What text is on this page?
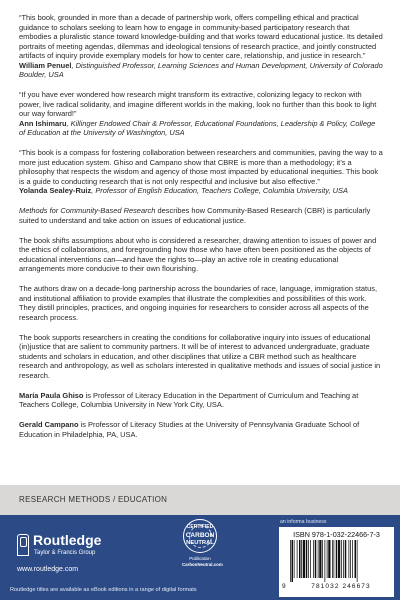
“This book, grounded in more than a decade of partnership work, offers compelling ethical and practical guidance to scholars seeking to learn how to engage in community-based participatory research that embodies a pluralistic stance toward knowledge-building and that works toward educational justice. Its detailed portraits of meeting agendas, dilemmas and ideological tensions of research practice, and jointly constructed artifacts of inquiry provide exemplary models for how to center care, relationship, and justice in research.”
William Penuel, Distinguished Professor, Learning Sciences and Human Development, University of Colorado Boulder, USA

“If you have ever wondered how research might transform its extractive, colonizing legacy to reckon with power, live radical solidarity, and imagine different worlds in the making, look no further than this book to light our way forward!”
Ann Ishimaru, Killinger Endowed Chair & Professor, Educational Foundations, Leadership & Policy, College of Education at the University of Washington, USA

“This book is a compass for fostering collaboration between researchers and communities, paving the way to a more just education system. Ghiso and Campano show that CBRE is more than a methodology; it’s a philosophy that respects the wisdom and agency of those most impacted by educational inequities. This book is a guide to conducting research that is not only respectful and inclusive but also effective.”
Yolanda Sealey-Ruiz, Professor of English Education, Teachers College, Columbia University, USA

Methods for Community-Based Research describes how Community-Based Research (CBR) is particularly suited to understand and take action on issues of educational justice.

The book shifts assumptions about who is considered a researcher, drawing attention to issues of power and the ethics of collaborations, and foregrounding how those who have often been positioned as the objects of educational interventions can—and have the rights to—play an active role in creating educational arrangements more conducive to their own flourishing.

The authors draw on a decade-long partnership across the boundaries of race, language, immigration status, and institutional affiliation to provide examples that illustrate the complexities and possibilities of this work. They distill principles, practices, and ongoing inquiries for researchers to consider across all aspects of the research process.

The book supports researchers in creating the conditions for collaborative inquiry into issues of educational (in)justice that are salient to community partners. It will be of interest to advanced undergraduate, graduate students and scholars in education, and other disciplines that utilize a CBR method such as healthcare research and anthropology, as well as scholars interested in qualitative methods and issues of social justice in research.

María Paula Ghiso is Professor of Literacy Education in the Department of Curriculum and Teaching at Teachers College, Columbia University in New York City, USA.

Gerald Campano is Professor of Literacy Studies at the University of Pennsylvania Graduate School of Education in Philadelphia, PA, USA.

RESEARCH METHODS / EDUCATION
Routledge
Taylor & Francis Group
www.routledge.com
Routledge titles are available as eBook editions in a range of digital formats
CERTIFIED
CARBON
NEUTRAL
Publication
CarbonNeutral.com
an informa business
ISBN 978-1-032-22466-7-3
9	781032 246673
